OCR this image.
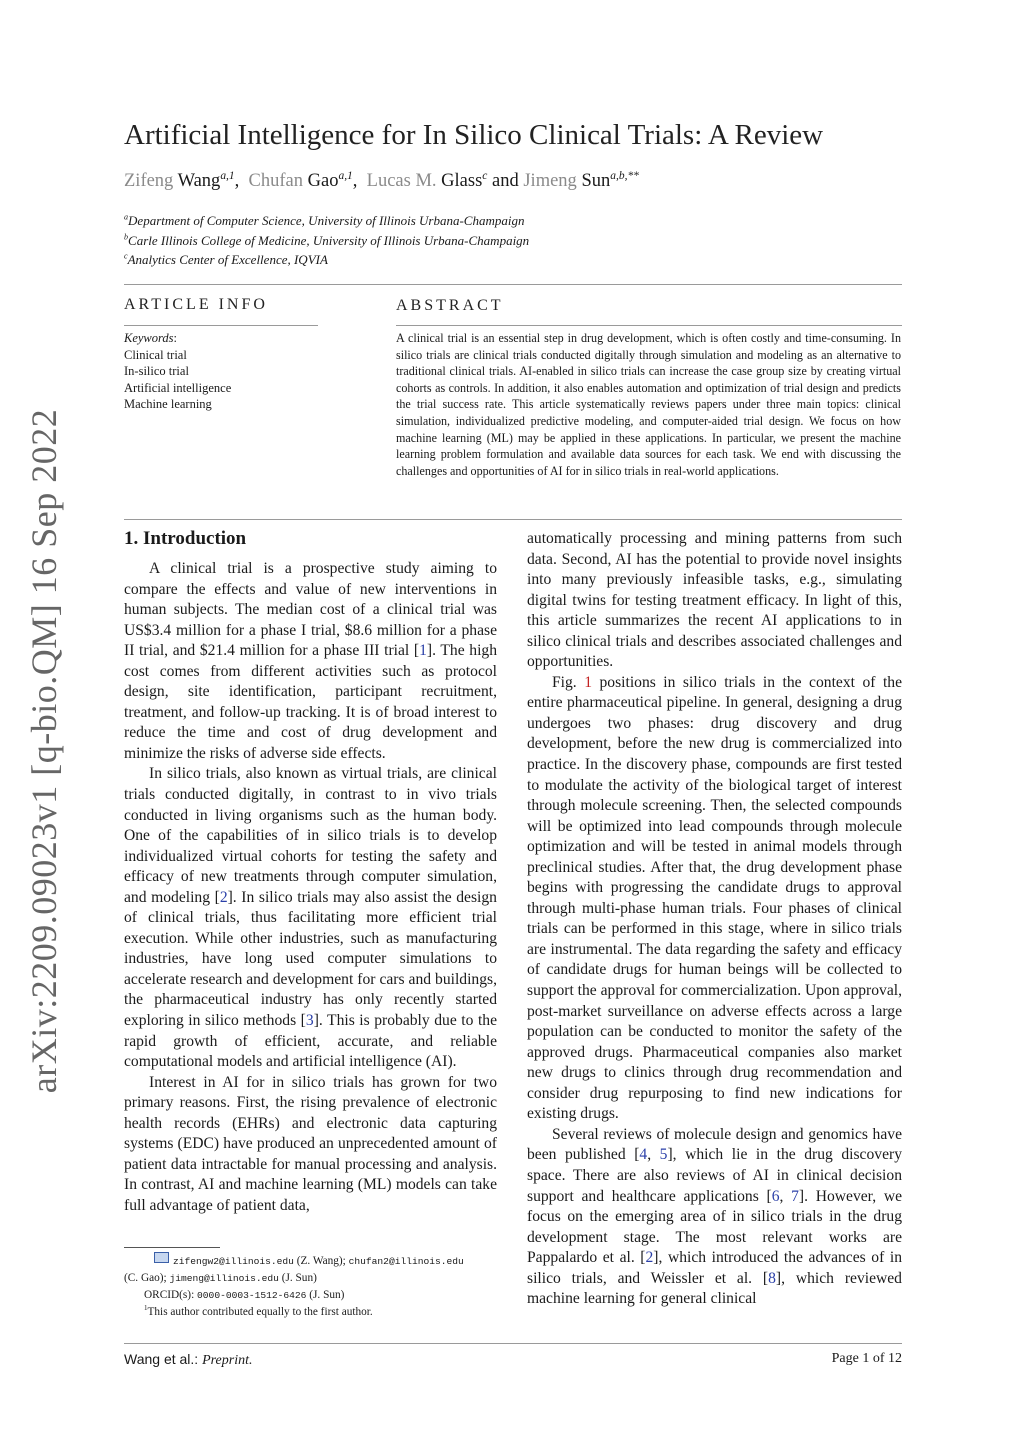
arXiv:2209.09023v1 [q-bio.QM] 16 Sep 2022
Artificial Intelligence for In Silico Clinical Trials: A Review
Zifeng Wang$^{a,1}$,  Chufan Gao$^{a,1}$,  Lucas M. Glass$^c$ and Jimeng Sun$^{a,b,**}$
$^a$Department of Computer Science, University of Illinois Urbana-Champaign
$^b$Carle Illinois College of Medicine, University of Illinois Urbana-Champaign
$^c$Analytics Center of Excellence, IQVIA
ARTICLE INFO	ABSTRACT
Keywords:
Clinical trial
In-silico trial
Artificial intelligence
Machine learning
A clinical trial is an essential step in drug development, which is often costly and time-consuming. In silico trials are clinical trials conducted digitally through simulation and modeling as an alternative to traditional clinical trials. AI-enabled in silico trials can increase the case group size by creating virtual cohorts as controls. In addition, it also enables automation and optimization of trial design and predicts the trial success rate. This article systematically reviews papers under three main topics: clinical simulation, individualized predictive modeling, and computer-aided trial design. We focus on how machine learning (ML) may be applied in these applications. In particular, we present the machine learning problem formulation and available data sources for each task. We end with discussing the challenges and opportunities of AI for in silico trials in real-world applications.
1. Introduction

A clinical trial is a prospective study aiming to compare the effects and value of new interventions in human subjects. The median cost of a clinical trial was US$3.4 million for a phase I trial, $8.6 million for a phase II trial, and $21.4 million for a phase III trial [1]. The high cost comes from different activities such as protocol design, site identification, participant recruitment, treatment, and follow-up tracking. It is of broad interest to reduce the time and cost of drug development and minimize the risks of adverse side effects.

In silico trials, also known as virtual trials, are clinical trials conducted digitally, in contrast to in vivo trials conducted in living organisms such as the human body. One of the capabilities of in silico trials is to develop individualized virtual cohorts for testing the safety and efficacy of new treatments through computer simulation, and modeling [2]. In silico trials may also assist the design of clinical trials, thus facilitating more efficient trial execution. While other industries, such as manufacturing industries, have long used computer simulations to accelerate research and development for cars and buildings, the pharmaceutical industry has only recently started exploring in silico methods [3]. This is probably due to the rapid growth of efficient, accurate, and reliable computational models and artificial intelligence (AI).

Interest in AI for in silico trials has grown for two primary reasons. First, the rising prevalence of electronic health records (EHRs) and electronic data capturing systems (EDC) have produced an unprecedented amount of patient data intractable for manual processing and analysis. In contrast, AI and machine learning (ML) models can take full advantage of patient data,

zifengw2@illinois.edu (Z. Wang); chufan2@illinois.edu
(C. Gao); jimeng@illinois.edu (J. Sun)
ORCID(s): 0000-0003-1512-6426 (J. Sun)
$^1$This author contributed equally to the first author.

automatically processing and mining patterns from such data. Second, AI has the potential to provide novel insights into many previously infeasible tasks, e.g., simulating digital twins for testing treatment efficacy. In light of this, this article summarizes the recent AI applications to in silico clinical trials and describes associated challenges and opportunities.

Fig. 1 positions in silico trials in the context of the entire pharmaceutical pipeline. In general, designing a drug undergoes two phases: drug discovery and drug development, before the new drug is commercialized into practice. In the discovery phase, compounds are first tested to modulate the activity of the biological target of interest through molecule screening. Then, the selected compounds will be optimized into lead compounds through molecule optimization and will be tested in animal models through preclinical studies. After that, the drug development phase begins with progressing the candidate drugs to approval through multi-phase human trials. Four phases of clinical trials can be performed in this stage, where in silico trials are instrumental. The data regarding the safety and efficacy of candidate drugs for human beings will be collected to support the approval for commercialization. Upon approval, post-market surveillance on adverse effects across a large population can be conducted to monitor the safety of the approved drugs. Pharmaceutical companies also market new drugs to clinics through drug recommendation and consider drug repurposing to find new indications for existing drugs.

Several reviews of molecule design and genomics have been published [4, 5], which lie in the drug discovery space. There are also reviews of AI in clinical decision support and healthcare applications [6, 7]. However, we focus on the emerging area of in silico trials in the drug development stage. The most relevant works are Pappalardo et al. [2], which introduced the advances of in silico trials, and Weissler et al. [8], which reviewed machine learning for general clinical

Wang et al.: Preprint.	Page 1 of 12
